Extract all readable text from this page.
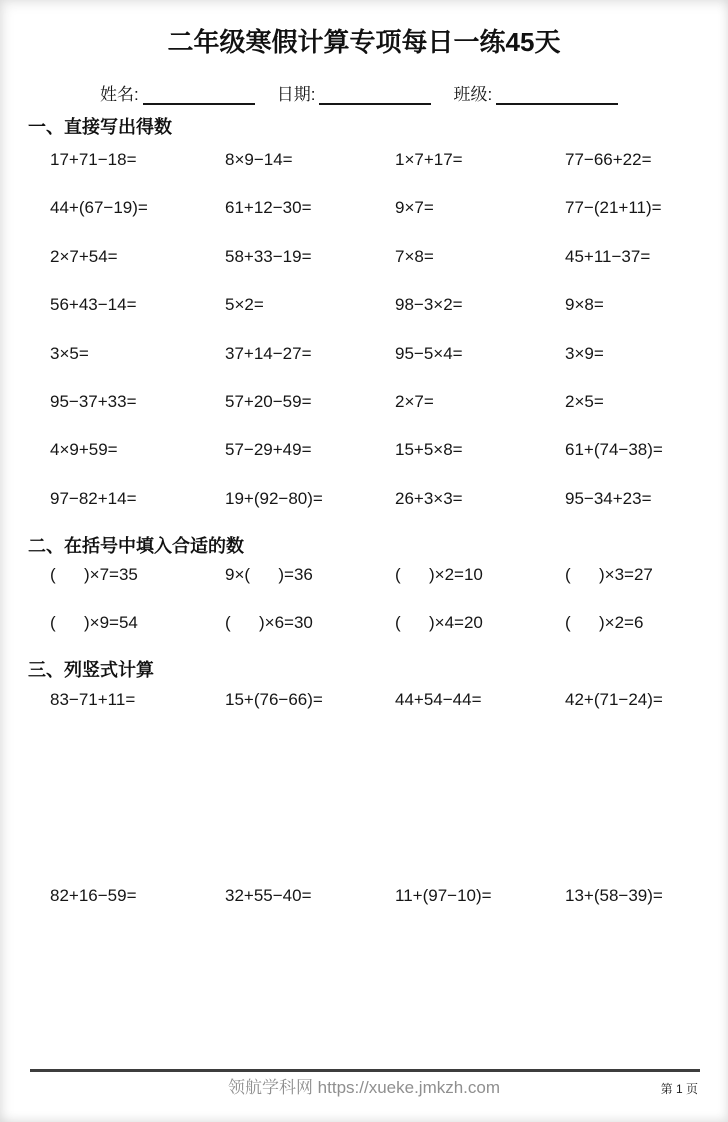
二年级寒假计算专项每日一练45天
姓名:	日期:	班级:
一、直接写出得数
17+71−18=	8×9−14=	1×7+17=	77−66+22=
44+(67−19)=	61+12−30=	9×7=	77−(21+11)=
2×7+54=	58+33−19=	7×8=	45+11−37=
56+43−14=	5×2=	98−3×2=	9×8=
3×5=	37+14−27=	95−5×4=	3×9=
95−37+33=	57+20−59=	2×7=	2×5=
4×9+59=	57−29+49=	15+5×8=	61+(74−38)=
97−82+14=	19+(92−80)=	26+3×3=	95−34+23=
二、在括号中填入合适的数
(      )×7=35	9×(      )=36	(      )×2=10	(      )×3=27
(      )×9=54	(      )×6=30	(      )×4=20	(      )×2=6
三、列竖式计算
83−71+11=	15+(76−66)=	44+54−44=	42+(71−24)=
82+16−59=	32+55−40=	11+(97−10)=	13+(58−39)=
领航学科网 https://xueke.jmkzh.com	第 1 页
